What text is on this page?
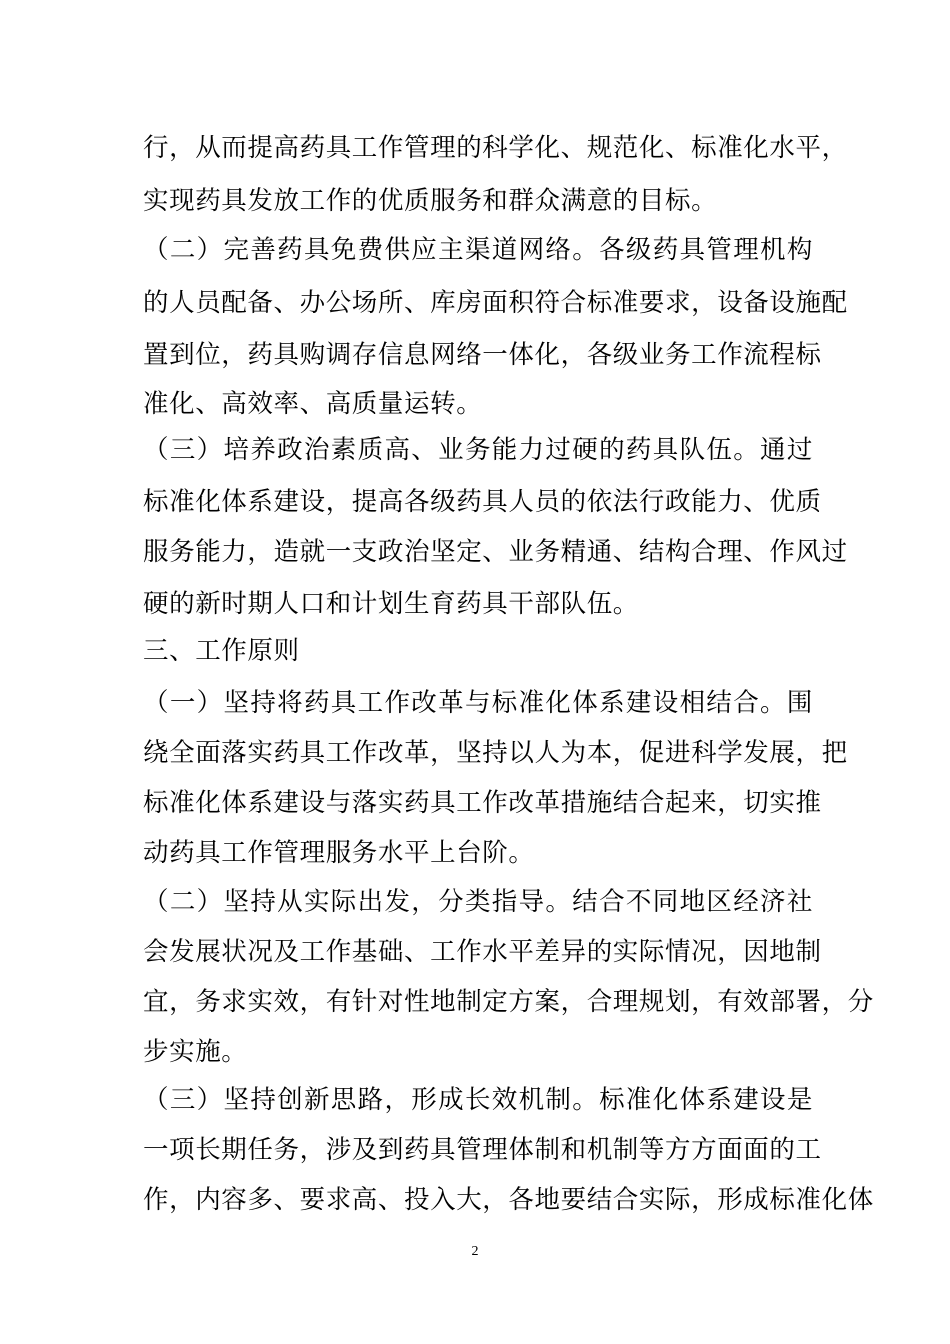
行，从而提高药具工作管理的科学化、规范化、标准化水平，
实现药具发放工作的优质服务和群众满意的目标。
（二）完善药具免费供应主渠道网络。各级药具管理机构
的人员配备、办公场所、库房面积符合标准要求，设备设施配
置到位，药具购调存信息网络一体化，各级业务工作流程标
准化、高效率、高质量运转。
（三）培养政治素质高、业务能力过硬的药具队伍。通过
标准化体系建设，提高各级药具人员的依法行政能力、优质
服务能力，造就一支政治坚定、业务精通、结构合理、作风过
硬的新时期人口和计划生育药具干部队伍。
三、工作原则
（一）坚持将药具工作改革与标准化体系建设相结合。围
绕全面落实药具工作改革，坚持以人为本，促进科学发展，把
标准化体系建设与落实药具工作改革措施结合起来，切实推
动药具工作管理服务水平上台阶。
（二）坚持从实际出发，分类指导。结合不同地区经济社
会发展状况及工作基础、工作水平差异的实际情况，因地制
宜，务求实效，有针对性地制定方案，合理规划，有效部署，分
步实施。
（三）坚持创新思路，形成长效机制。标准化体系建设是
一项长期任务，涉及到药具管理体制和机制等方方面面的工
作，内容多、要求高、投入大，各地要结合实际，形成标准化体
2
